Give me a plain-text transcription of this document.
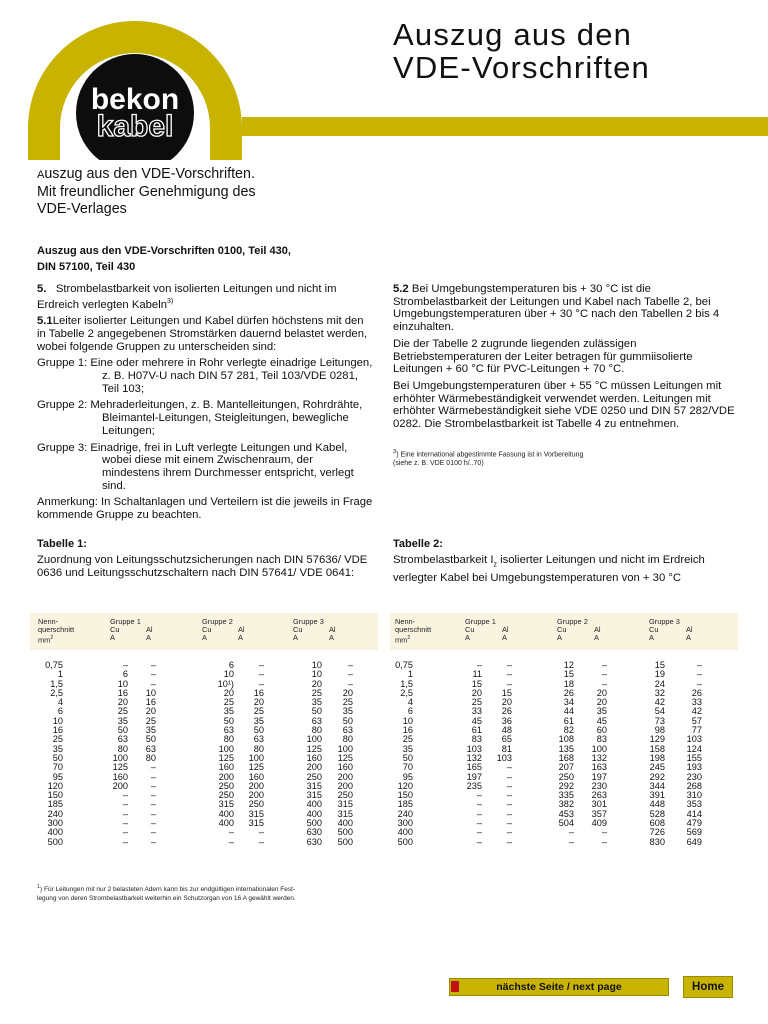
bekon
kabel
Auszug aus den
VDE-Vorschriften
Auszug aus den VDE-Vorschriften.
Mit freundlicher Genehmigung des
VDE-Verlages
Auszug aus den VDE-Vorschriften 0100, Teil 430,
DIN 57100, Teil 430

5. Strombelastbarkeit von isolierten Leitungen und nicht im Erdreich verlegten Kabeln$^{3)}$

5.1Leiter isolierter Leitungen und Kabel dürfen höchstens mit den in Tabelle 2 angegebenen Stromstärken dauernd belastet werden, wobei folgende Gruppen zu unterscheiden sind:

Gruppe 1: Eine oder mehrere in Rohr verlegte einadrige Leitungen, z. B. H07V-U nach DIN 57 281, Teil 103/VDE 0281, Teil 103;

Gruppe 2: Mehraderleitungen, z. B. Mantelleitungen, Rohrdrähte, Bleimantel-Leitungen, Steigleitungen, bewegliche Leitungen;

Gruppe 3: Einadrige, frei in Luft verlegte Leitungen und Kabel, wobei diese mit einem Zwischenraum, der mindestens ihrem Durchmesser entspricht, verlegt sind.

Anmerkung: In Schaltanlagen und Verteilern ist die jeweils in Frage kommende Gruppe zu beachten.

5.2 Bei Umgebungstemperaturen bis + 30 °C ist die Strombelastbarkeit der Leitungen und Kabel nach Tabelle 2, bei Umgebungstemperaturen über + 30 °C nach den Tabellen 2 bis 4 einzuhalten.

Die der Tabelle 2 zugrunde liegenden zulässigen Betriebstemperaturen der Leiter betragen für gummiisolierte Leitungen + 60 °C für PVC-Leitungen + 70 °C.

Bei Umgebungstemperaturen über + 55 °C müssen Leitungen mit erhöhter Wärmebeständigkeit verwendet werden. Leitungen mit erhöhter Wärmebeständigkeit siehe VDE 0250 und DIN 57 282/VDE 0282. Die Strombelastbarkeit ist Tabelle 4 zu entnehmen.

$^3$) Eine international abgestimmte Fassung ist in Vorbereitung
(siehe z. B. VDE 0100 h/..70)
Tabelle 1:
Zuordnung von Leitungsschutzsicherungen nach DIN 57636/ VDE 0636 und Leitungsschutzschaltern nach DIN 57641/ VDE 0641:
Nenn-
querschnitt
$mm^2$
Gruppe 1
Cu	Al
A	A
Gruppe 2
Cu	Al
A	A
Gruppe 3
Cu	Al
A	A
0,75	–	–	6	–	10	–
1	6	–	10	–	10	–
1,5	10	–	10¹)	–	20	–
2,5	16	10	20	16	25	20
4	20	16	25	20	35	25
6	25	20	35	25	50	35
10	35	25	50	35	63	50
16	50	35	63	50	80	63
25	63	50	80	63	100	80
35	80	63	100	80	125	100
50	100	80	125	100	160	125
70	125	–	160	125	200	160
95	160	–	200	160	250	200
120	200	–	250	200	315	200
150	–	–	250	200	315	250
185	–	–	315	250	400	315
240	–	–	400	315	400	315
300	–	–	400	315	500	400
400	–	–	–	–	630	500
500	–	–	–	–	630	500
$^1$) Für Leitungen mit nur 2 belasteten Adern kann bis zur endgültigen internationalen Fest-
legung von deren Strombelastbarkeit weiterhin ein Schutzorgan von 16 A gewählt werden.
Tabelle 2:
Strombelastbarkeit $I_z$ isolierter Leitungen und nicht im Erdreich verlegter Kabel bei Umgebungstemperaturen von + 30 °C
Nenn-
querschnitt
$mm^2$
Gruppe 1
Cu	Al
A	A
Gruppe 2
Cu	Al
A	A
Gruppe 3
Cu	Al
A	A
0,75	–	–	12	–	15	–
1	11	–	15	–	19	–
1,5	15	–	18	–	24	–
2,5	20	15	26	20	32	26
4	25	20	34	20	42	33
6	33	26	44	35	54	42
10	45	36	61	45	73	57
16	61	48	82	60	98	77
25	83	65	108	83	129	103
35	103	81	135	100	158	124
50	132	103	168	132	198	155
70	165	–	207	163	245	193
95	197	–	250	197	292	230
120	235	–	292	230	344	268
150	–	–	335	263	391	310
185	–	–	382	301	448	353
240	–	–	453	357	528	414
300	–	–	504	409	608	479
400	–	–	–	–	726	569
500	–	–	–	–	830	649
nächste Seite / next page	Home
